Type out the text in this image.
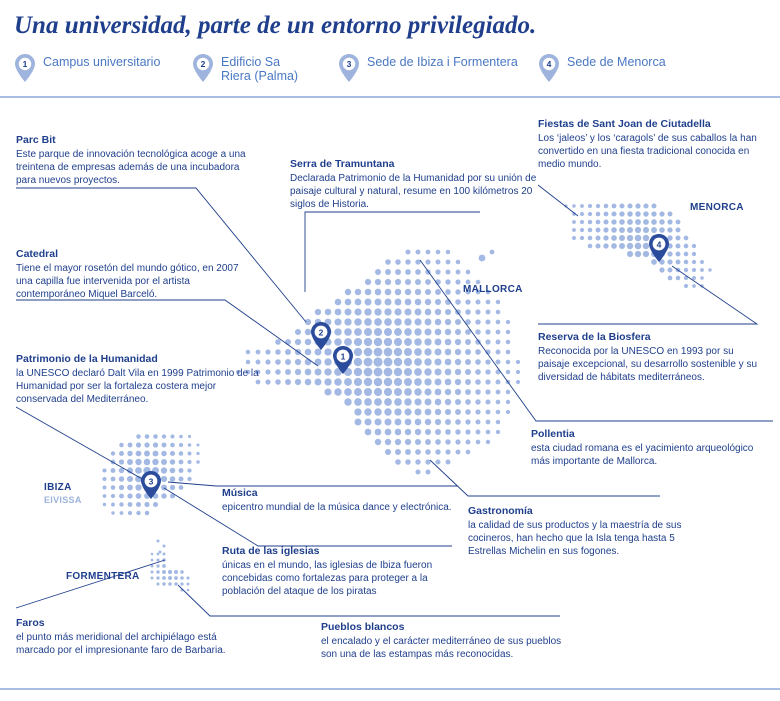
Una universidad, parte de un entorno privilegiado.
1 Campus universitario	2 Edificio Sa Riera (Palma)
3 Sede de Ibiza i Formentera	4 Sede de Menorca
1
2
3
4
MALLORCA
MENORCA
IBIZA
EIVISSA
FORMENTERA
Parc Bit

Este parque de innovación tecnológica acoge a una treintena de empresas además de una incubadora para nuevos proyectos.

Catedral

Tiene el mayor rosetón del mundo gótico, en 2007 una capilla fue intervenida por el artista contemporáneo Miquel Barceló.

Patrimonio de la Humanidad

la UNESCO declaró Dalt Vila en 1999 Patrimonio de la Humanidad por ser la fortaleza costera mejor conservada del Mediterráneo.

Serra de Tramuntana

Declarada Patrimonio de la Humanidad por su unión de paisaje cultural y natural, resume en 100 kilómetros 20 siglos de Historia.

Fiestas de Sant Joan de Ciutadella

Los ‘jaleos’ y los ‘caragols’ de sus caballos la han convertido en una fiesta tradicional conocida en medio mundo.

Reserva de la Biosfera

Reconocida por la UNESCO en 1993 por su paisaje excepcional, su desarrollo sostenible y su diversidad de hábitats mediterráneos.

Pollentia

esta ciudad romana es el yacimiento arqueológico más importante de Mallorca.

Música

epicentro mundial de la música dance y electrónica.	Gastronomía

la calidad de sus productos y la maestría de sus cocineros, han hecho que la Isla tenga hasta 5 Estrellas Michelin en sus fogones.

Ruta de las iglesias

únicas en el mundo, las iglesias de Ibiza fueron concebidas como fortalezas para proteger a la población del ataque de los piratas

Faros

el punto más meridional del archipiélago está marcado por el impresionante faro de Barbaria.

Pueblos blancos

el encalado y el carácter mediterráneo de sus pueblos son una de las estampas más reconocidas.
